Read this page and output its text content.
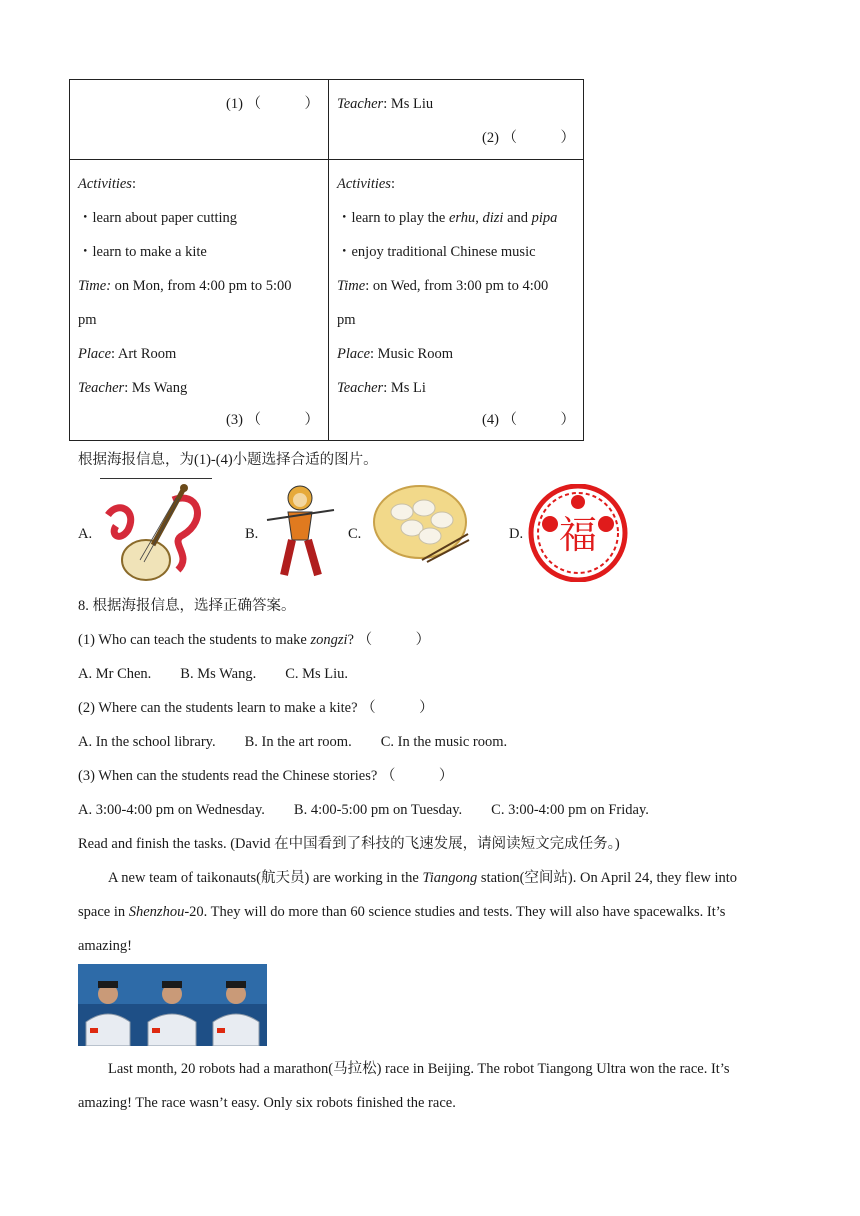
(1) （　　　） Teacher: Ms Liu
(2) （　　　）
Activities:
・learn about paper cutting
・learn to make a kite
Time: on Mon, from 4:00 pm to 5:00
pm
Place: Art Room
Teacher: Ms Wang
(3) （　　　）
Activities:
・learn to play the erhu, dizi and pipa
・enjoy traditional Chinese music
Time: on Wed, from 3:00 pm to 4:00
pm
Place: Music Room
Teacher: Ms Li
(4) （　　　）
根据海报信息，为(1)-(4)小题选择合适的图片。
A.	B.	C.	D. 福
8. 根据海报信息，选择正确答案。
(1) Who can teach the students to make zongzi? （　　　）
A. Mr Chen.        B. Ms Wang.        C. Ms Liu.
(2) Where can the students learn to make a kite? （　　　）
A. In the school library.        B. In the art room.        C. In the music room.
(3) When can the students read the Chinese stories? （　　　）
A. 3:00-4:00 pm on Wednesday.        B. 4:00-5:00 pm on Tuesday.        C. 3:00-4:00 pm on Friday.
Read and finish the tasks. (David 在中国看到了科技的飞速发展，请阅读短文完成任务。)
A new team of taikonauts(航天员) are working in the Tiangong station(空间站). On April 24, they flew into
space in Shenzhou-20. They will do more than 60 science studies and tests. They will also have spacewalks. It’s
amazing!
Last month, 20 robots had a marathon(马拉松) race in Beijing. The robot Tiangong Ultra won the race. It’s
amazing! The race wasn’t easy. Only six robots finished the race.
